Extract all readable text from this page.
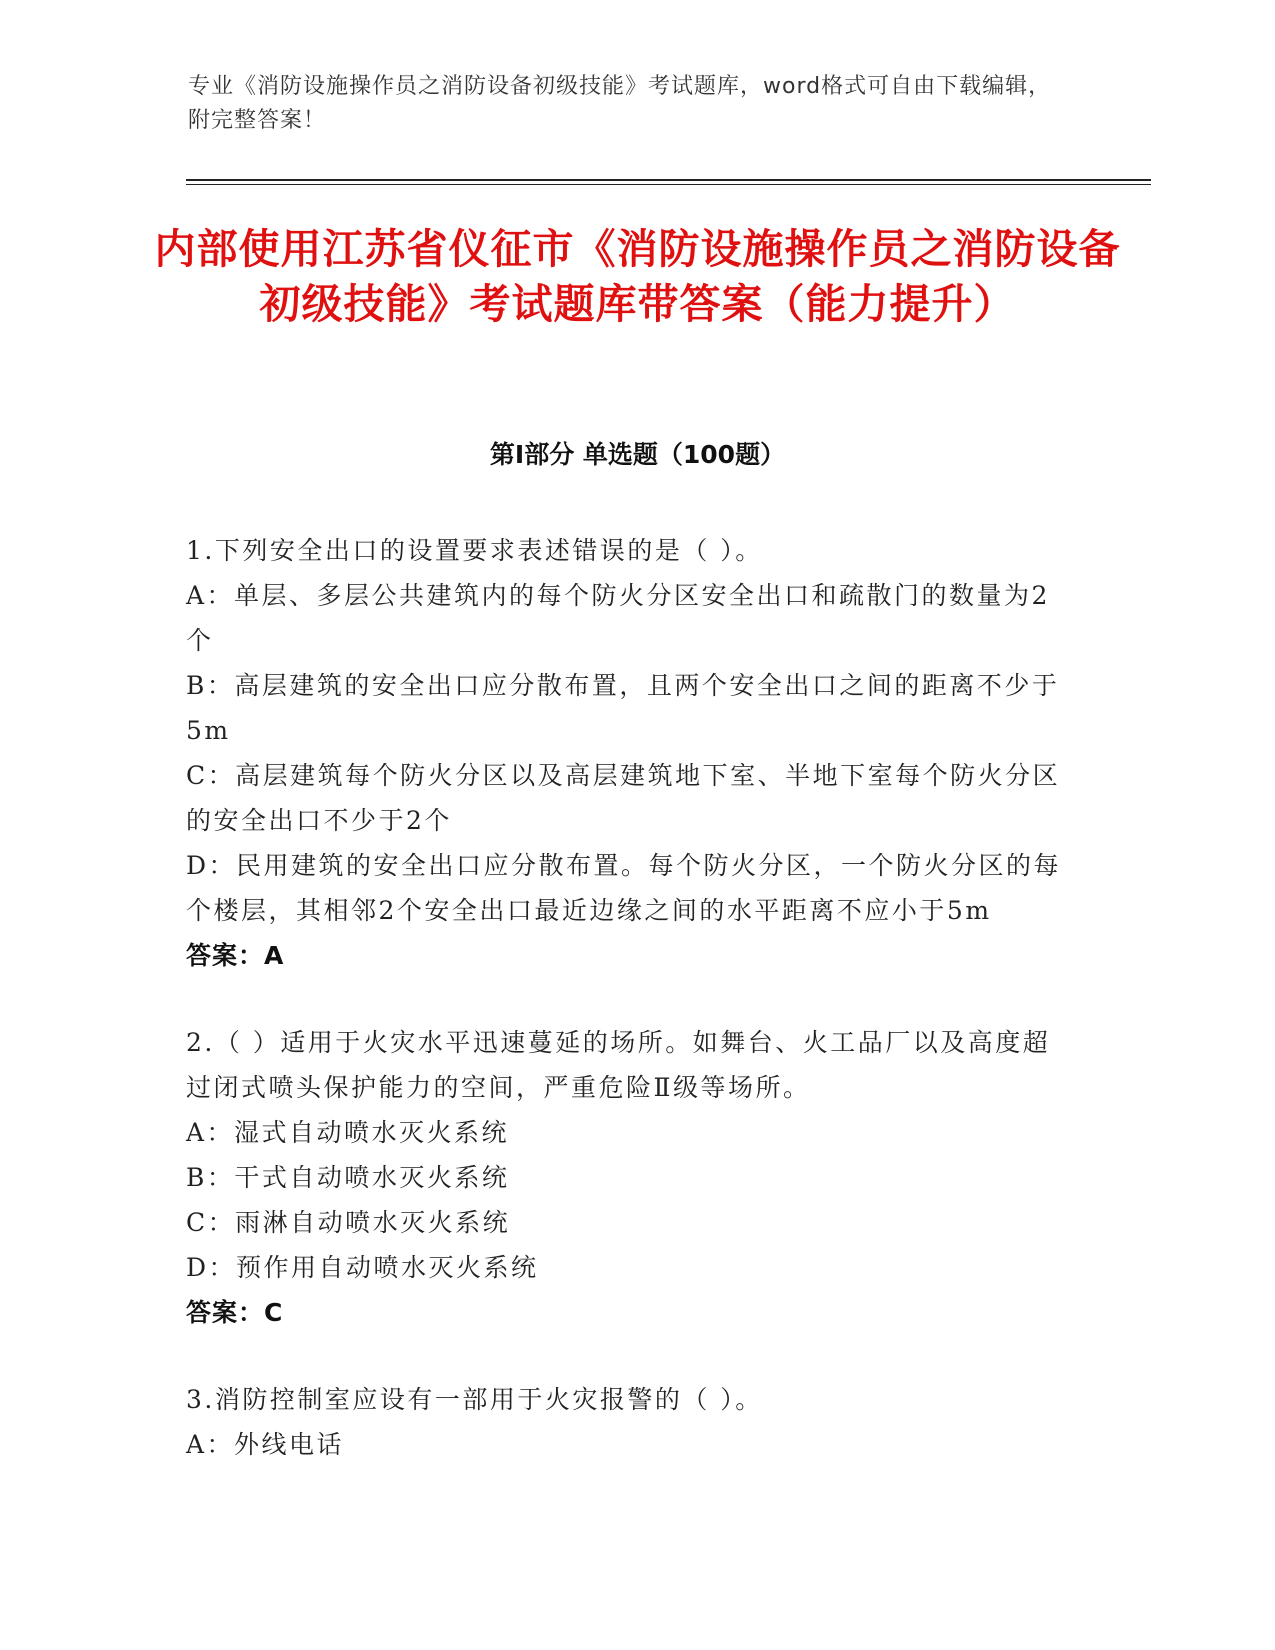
专业《消防设施操作员之消防设备初级技能》考试题库，word格式可自由下载编辑，附完整答案！
内部使用江苏省仪征市《消防设施操作员之消防设备初级技能》考试题库带答案（能力提升）
第Ⅰ部分 单选题（100题）
1.下列安全出口的设置要求表述错误的是（ ）。
A：单层、多层公共建筑内的每个防火分区安全出口和疏散门的数量为2个
B：高层建筑的安全出口应分散布置，且两个安全出口之间的距离不少于5m
C：高层建筑每个防火分区以及高层建筑地下室、半地下室每个防火分区的安全出口不少于2个
D：民用建筑的安全出口应分散布置。每个防火分区，一个防火分区的每个楼层，其相邻2个安全出口最近边缘之间的水平距离不应小于5m
答案：A
2.（ ）适用于火灾水平迅速蔓延的场所。如舞台、火工品厂以及高度超过闭式喷头保护能力的空间，严重危险Ⅱ级等场所。
A：湿式自动喷水灭火系统
B：干式自动喷水灭火系统
C：雨淋自动喷水灭火系统
D：预作用自动喷水灭火系统
答案：C
3.消防控制室应设有一部用于火灾报警的（ ）。
A：外线电话
